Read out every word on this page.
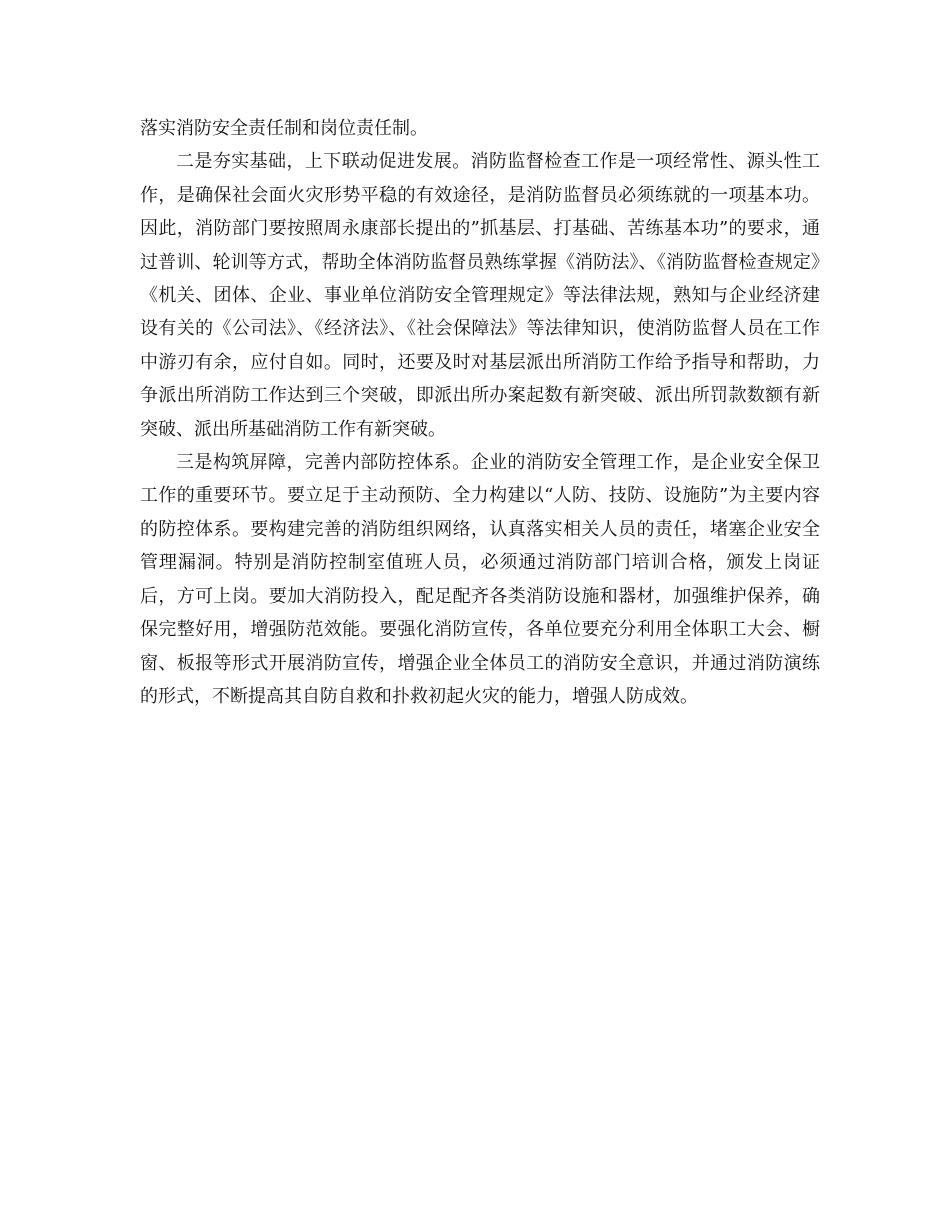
落实消防安全责任制和岗位责任制。

二是夯实基础，上下联动促进发展。消防监督检查工作是一项经常性、源头性工作，是确保社会面火灾形势平稳的有效途径，是消防监督员必须练就的一项基本功。因此，消防部门要按照周永康部长提出的”抓基层、打基础、苦练基本功”的要求，通过普训、轮训等方式，帮助全体消防监督员熟练掌握《消防法》、《消防监督检查规定》《机关、团体、企业、事业单位消防安全管理规定》等法律法规，熟知与企业经济建设有关的《公司法》、《经济法》、《社会保障法》等法律知识，使消防监督人员在工作中游刃有余，应付自如。同时，还要及时对基层派出所消防工作给予指导和帮助，力争派出所消防工作达到三个突破，即派出所办案起数有新突破、派出所罚款数额有新突破、派出所基础消防工作有新突破。

三是构筑屏障，完善内部防控体系。企业的消防安全管理工作，是企业安全保卫工作的重要环节。要立足于主动预防、全力构建以“人防、技防、设施防”为主要内容的防控体系。要构建完善的消防组织网络，认真落实相关人员的责任，堵塞企业安全管理漏洞。特别是消防控制室值班人员，必须通过消防部门培训合格，颁发上岗证后，方可上岗。要加大消防投入，配足配齐各类消防设施和器材，加强维护保养，确保完整好用，增强防范效能。要强化消防宣传，各单位要充分利用全体职工大会、橱窗、板报等形式开展消防宣传，增强企业全体员工的消防安全意识，并通过消防演练的形式，不断提高其自防自救和扑救初起火灾的能力，增强人防成效。
